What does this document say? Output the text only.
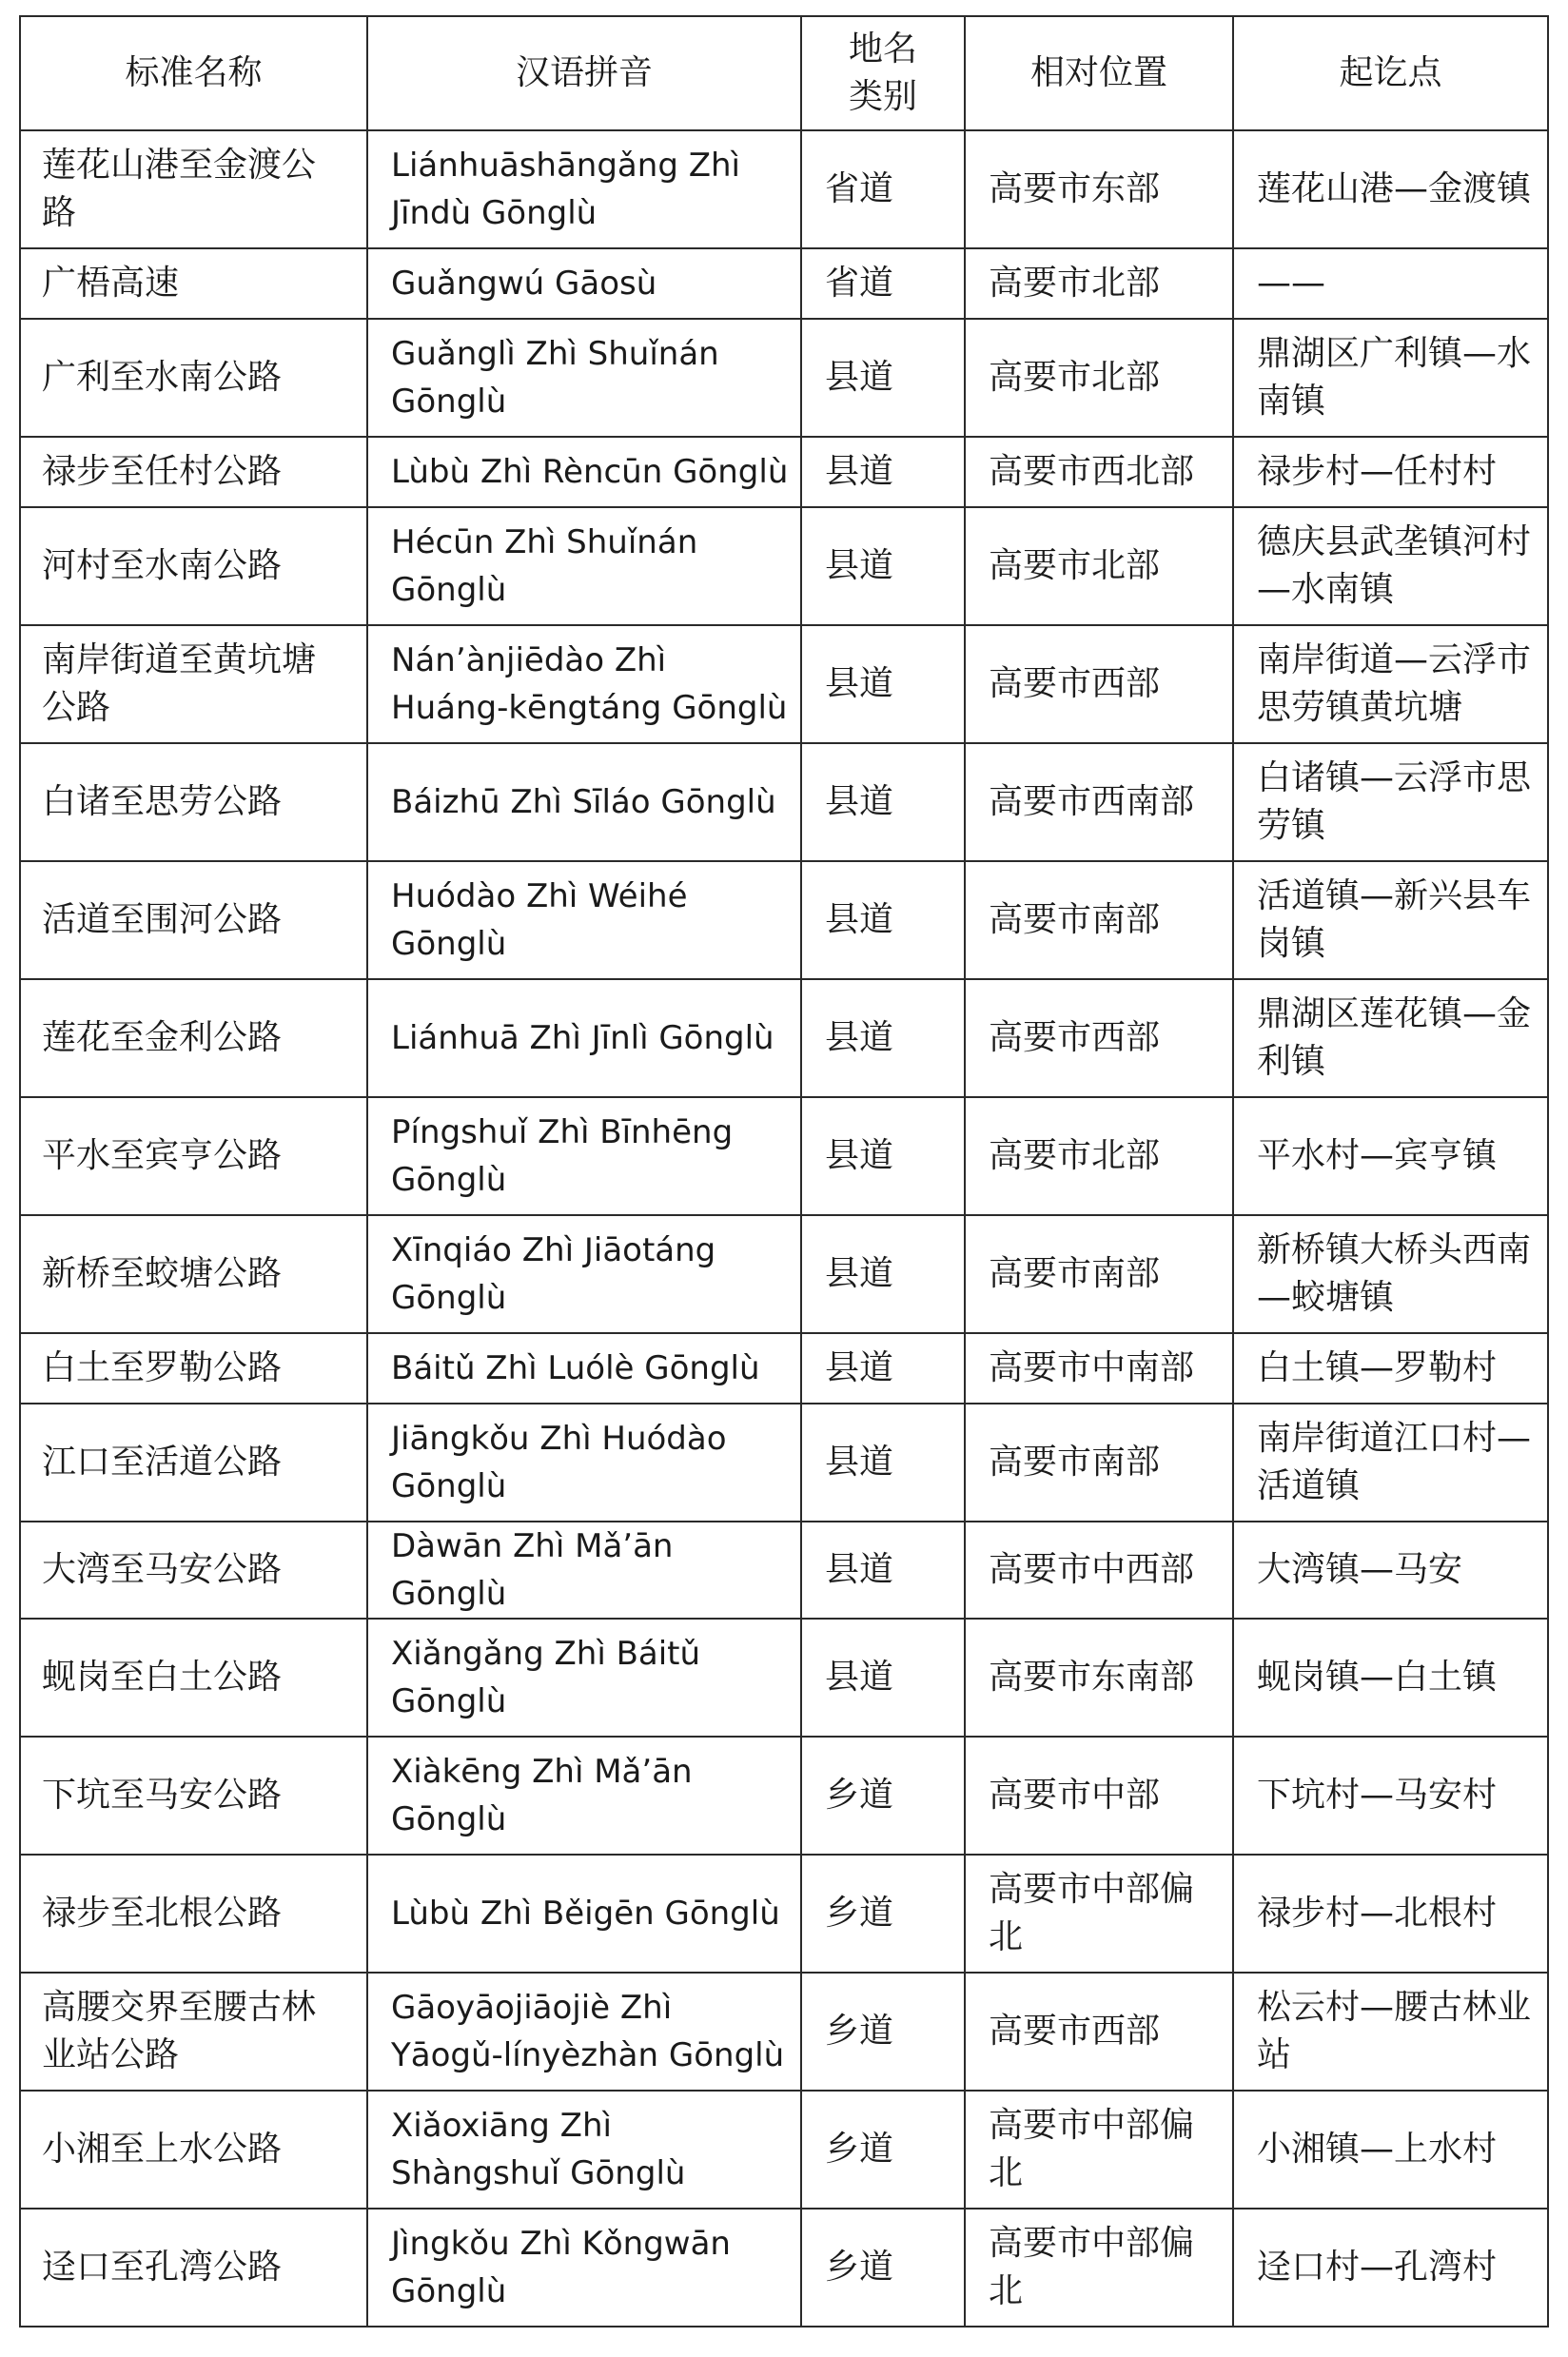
标准名称	汉语拼音	地名类别	相对位置	起讫点
莲花山港至金渡公路	Liánhuāshāngǎng Zhì Jīndù Gōnglù	省道	高要市东部	莲花山港—金渡镇
广梧高速	Guǎngwú Gāosù	省道	高要市北部	——
广利至水南公路	Guǎnglì Zhì Shuǐnán Gōnglù	县道	高要市北部	鼎湖区广利镇—水南镇
禄步至任村公路	Lùbù Zhì Rèncūn Gōnglù	县道	高要市西北部	禄步村—任村村
河村至水南公路	Hécūn Zhì Shuǐnán Gōnglù	县道	高要市北部	德庆县武垄镇河村—水南镇
南岸街道至黄坑塘公路	Nán’ànjiēdào Zhì Huáng-kēngtáng Gōnglù	县道	高要市西部	南岸街道—云浮市思劳镇黄坑塘
白诸至思劳公路	Báizhū Zhì Sīláo Gōnglù	县道	高要市西南部	白诸镇—云浮市思劳镇
活道至围河公路	Huódào Zhì Wéihé Gōnglù	县道	高要市南部	活道镇—新兴县车岗镇
莲花至金利公路	Liánhuā Zhì Jīnlì Gōnglù	县道	高要市西部	鼎湖区莲花镇—金利镇
平水至宾亨公路	Píngshuǐ Zhì Bīnhēng Gōnglù	县道	高要市北部	平水村—宾亨镇
新桥至蛟塘公路	Xīnqiáo Zhì Jiāotáng Gōnglù	县道	高要市南部	新桥镇大桥头西南—蛟塘镇
白土至罗勒公路	Báitǔ Zhì Luólè Gōnglù	县道	高要市中南部	白土镇—罗勒村
江口至活道公路	Jiāngkǒu Zhì Huódào Gōnglù	县道	高要市南部	南岸街道江口村—活道镇
大湾至马安公路	Dàwān Zhì Mǎ’ān Gōnglù	县道	高要市中西部	大湾镇—马安
蚬岗至白土公路	Xiǎngǎng Zhì Báitǔ Gōnglù	县道	高要市东南部	蚬岗镇—白土镇
下坑至马安公路	Xiàkēng Zhì Mǎ’ān Gōnglù	乡道	高要市中部	下坑村—马安村
禄步至北根公路	Lùbù Zhì Běigēn Gōnglù	乡道	高要市中部偏北	禄步村—北根村
高腰交界至腰古林业站公路	Gāoyāojiāojiè Zhì Yāogǔ-línyèzhàn Gōnglù	乡道	高要市西部	松云村—腰古林业站
小湘至上水公路	Xiǎoxiāng Zhì Shàngshuǐ Gōnglù	乡道	高要市中部偏北	小湘镇—上水村
迳口至孔湾公路	Jìngkǒu Zhì Kǒngwān Gōnglù	乡道	高要市中部偏北	迳口村—孔湾村
